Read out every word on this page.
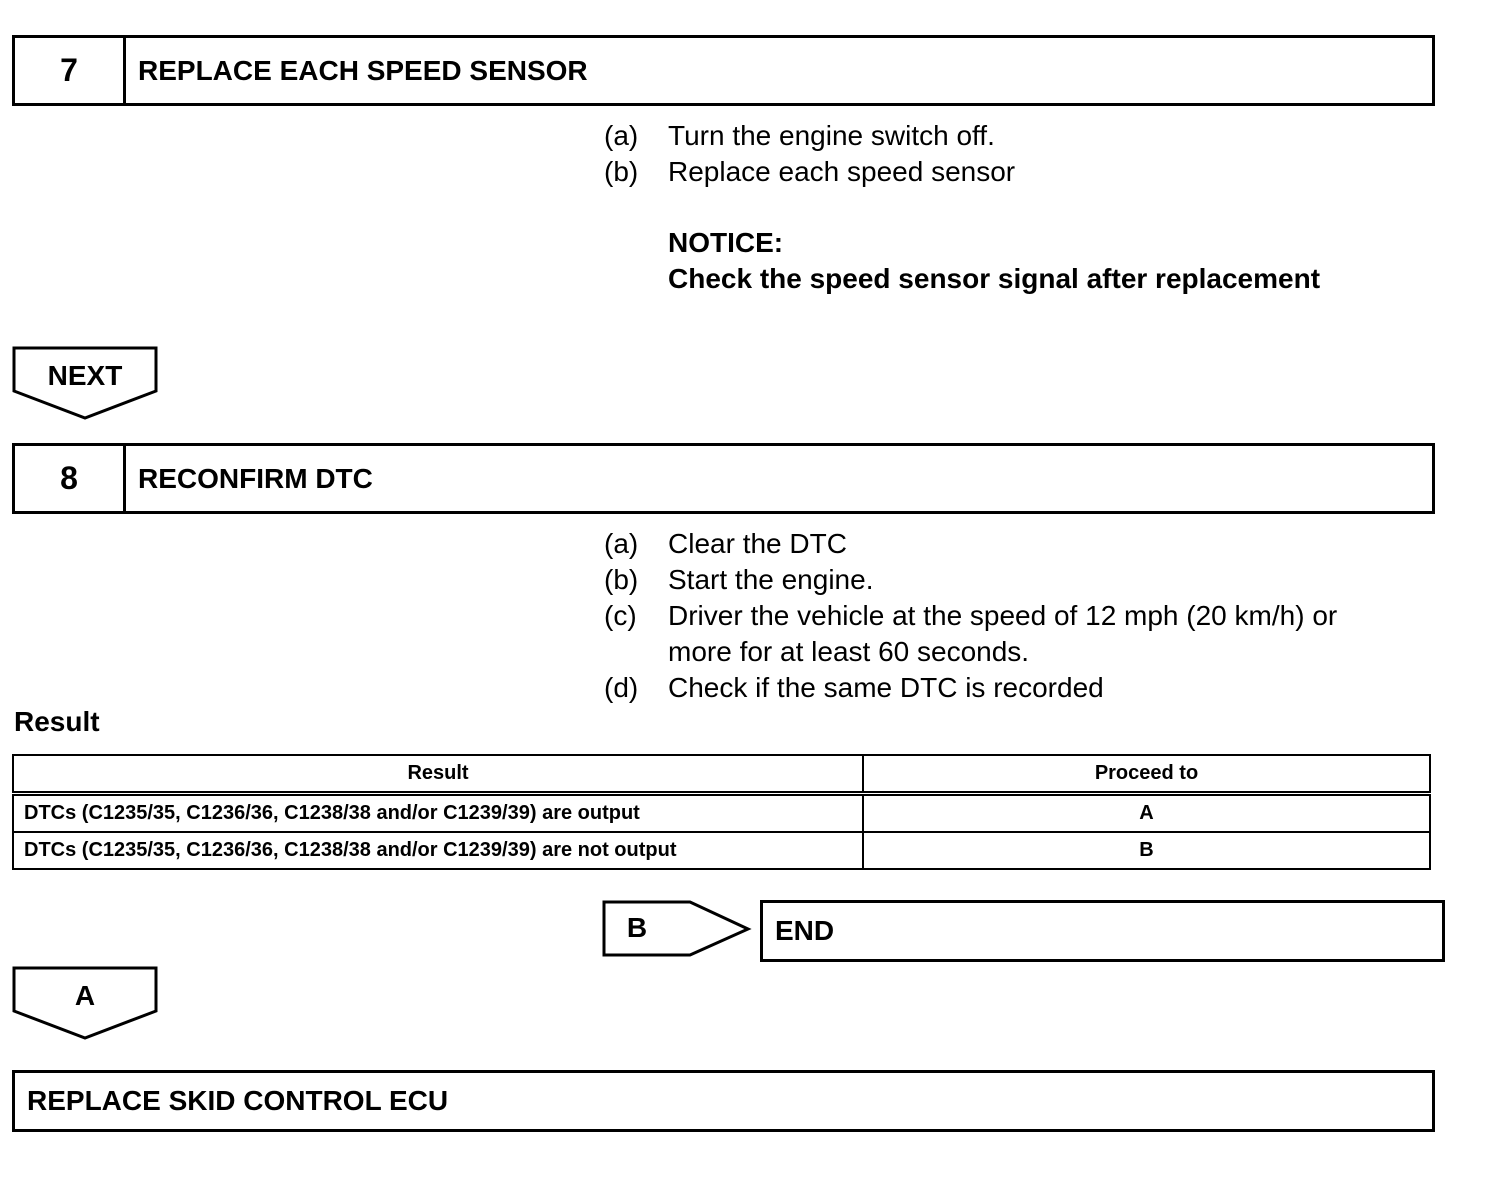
7	REPLACE EACH SPEED SENSOR
(a) Turn the engine switch off.
(b) Replace each speed sensor
NOTICE:
Check the speed sensor signal after replacement
NEXT
8	RECONFIRM DTC
(a) Clear the DTC
(b) Start the engine.
(c) Driver the vehicle at the speed of 12 mph (20 km/h) or
more for at least 60 seconds.
(d) Check if the same DTC is recorded
Result
Result	Proceed to
DTCs (C1235/35, C1236/36, C1238/38 and/or C1239/39) are output	A
DTCs (C1235/35, C1236/36, C1238/38 and/or C1239/39) are not output	B
B	END
A
REPLACE SKID CONTROL ECU
